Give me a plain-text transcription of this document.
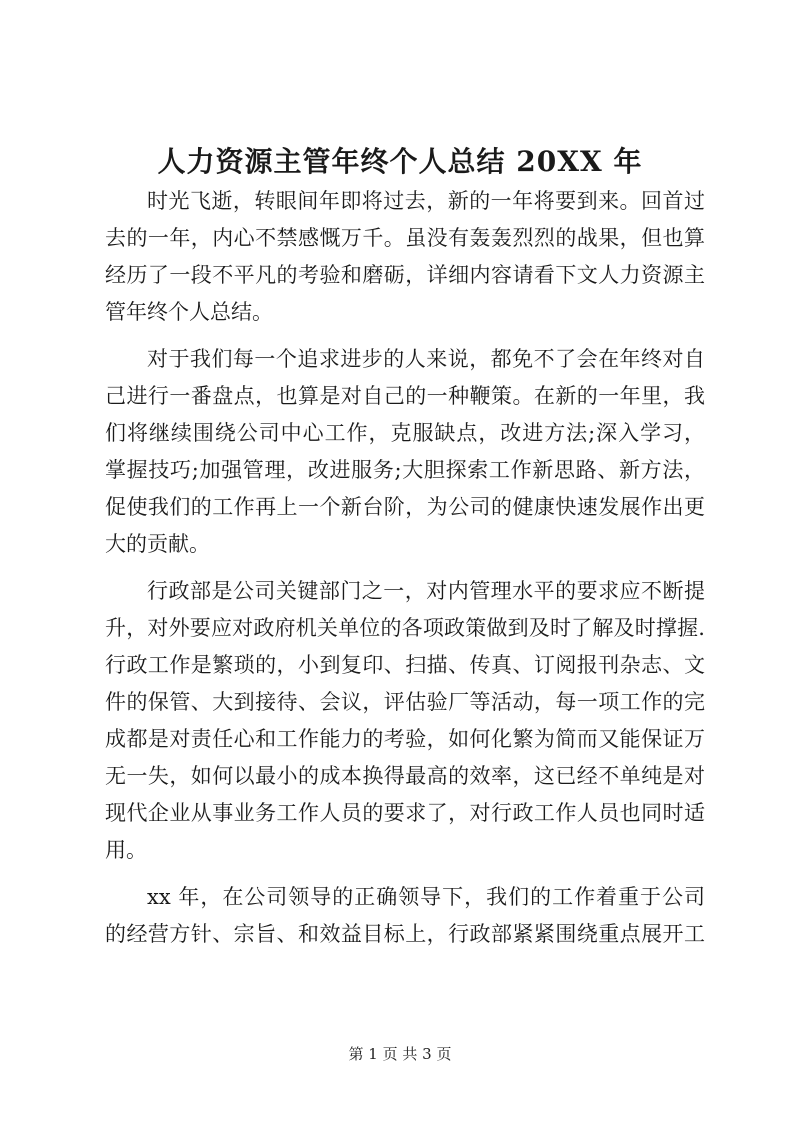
人力资源主管年终个人总结 20XX 年
时光飞逝，转眼间年即将过去，新的一年将要到来。回首过
去的一年，内心不禁感慨万千。虽没有轰轰烈烈的战果，但也算
经历了一段不平凡的考验和磨砺，详细内容请看下文人力资源主
管年终个人总结。
对于我们每一个追求进步的人来说，都免不了会在年终对自
己进行一番盘点，也算是对自己的一种鞭策。在新的一年里，我
们将继续围绕公司中心工作，克服缺点，改进方法;深入学习，
掌握技巧;加强管理，改进服务;大胆探索工作新思路、新方法，
促使我们的工作再上一个新台阶，为公司的健康快速发展作出更
大的贡献。
行政部是公司关键部门之一，对内管理水平的要求应不断提
升，对外要应对政府机关单位的各项政策做到及时了解及时撑握.
行政工作是繁琐的，小到复印、扫描、传真、订阅报刊杂志、文
件的保管、大到接待、会议，评估验厂等活动，每一项工作的完
成都是对责任心和工作能力的考验，如何化繁为简而又能保证万
无一失，如何以最小的成本换得最高的效率，这已经不单纯是对
现代企业从事业务工作人员的要求了，对行政工作人员也同时适
用。
xx 年，在公司领导的正确领导下，我们的工作着重于公司
的经营方针、宗旨、和效益目标上，行政部紧紧围绕重点展开工
第 1 页 共 3 页
